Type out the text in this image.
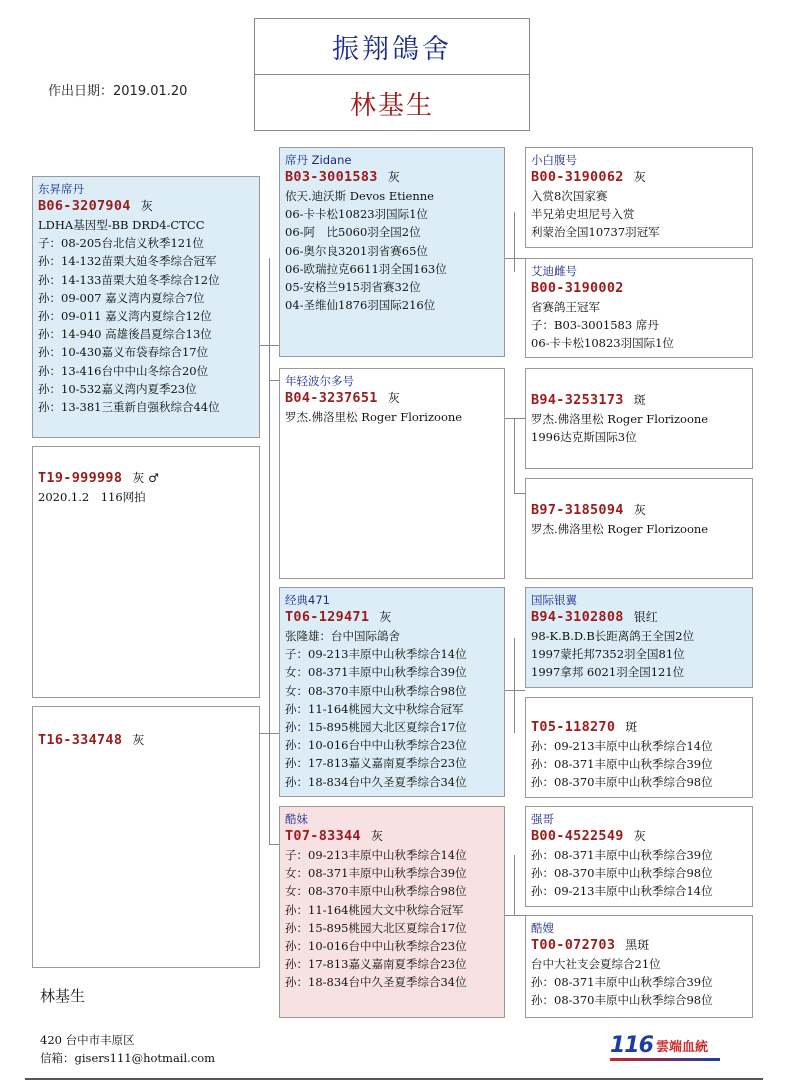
振翔鴿舍
林基生
作出日期：2019.01.20
T19-999998 灰 ♂
2020.1.2　116网拍
东昇席丹
B06-3207904 灰
LDHA基因型-BB DRD4-CTCC
子：08-205台北信义秋季121位
孙：14-132苗栗大廹冬季综合冠军
孙：14-133苗栗大廹冬季综合12位
孙：09-007 嘉义湾内夏综合7位
孙：09-011 嘉义湾内夏综合12位
孙：14-940 高雄後昌夏综合13位
孙：10-430嘉义布袋春综合17位
孙：13-416台中中山冬综合20位
孙：10-532嘉义湾内夏季23位
孙：13-381三重新自强秋综合44位
T16-334748 灰
席丹 Zidane
B03-3001583 灰
依天.迪沃斯 Devos Etienne
06-卡卡松10823羽国际1位
06-阿　比5060羽全国2位
06-奥尔良3201羽省赛65位
06-欧瑞拉克6611羽全国163位
05-安格兰915羽省赛32位
04-圣维仙1876羽国际216位
年轻波尔多号
B04-3237651 灰
罗杰.佛洛里松 Roger Florizoone
经典471
T06-129471 灰
张隆雄：台中国际鴿舍
子：09-213丰原中山秋季综合14位
女：08-371丰原中山秋季综合39位
女：08-370丰原中山秋季综合98位
孙：11-164桃园大文中秋综合冠军
孙：15-895桃园大北区夏综合17位
孙：10-016台中中山秋季综合23位
孙：17-813嘉义嘉南夏季综合23位
孙：18-834台中久圣夏季综合34位
酷妹
T07-83344 灰
子：09-213丰原中山秋季综合14位
女：08-371丰原中山秋季综合39位
女：08-370丰原中山秋季综合98位
孙：11-164桃园大文中秋综合冠军
孙：15-895桃园大北区夏综合17位
孙：10-016台中中山秋季综合23位
孙：17-813嘉义嘉南夏季综合23位
孙：18-834台中久圣夏季综合34位
小白腹号
B00-3190062 灰
入赏8次国家赛
半兄弟史坦尼号入赏
利蒙治全国10737羽冠军
艾迪雌号
B00-3190002
省赛鸽王冠军
子：B03-3001583 席丹
06-卡卡松10823羽国际1位
B94-3253173 斑
罗杰.佛洛里松 Roger Florizoone
1996达克斯国际3位
B97-3185094 灰
罗杰.佛洛里松 Roger Florizoone
国际银翼
B94-3102808 银红
98-K.B.D.B长距离鸽王全国2位
1997蒙托邦7352羽全国81位
1997拿邦 6021羽全国121位
T05-118270 斑
孙：09-213丰原中山秋季综合14位
孙：08-371丰原中山秋季综合39位
孙：08-370丰原中山秋季综合98位
强哥
B00-4522549 灰
孙：08-371丰原中山秋季综合39位
孙：08-370丰原中山秋季综合98位
孙：09-213丰原中山秋季综合14位
酷嫂
T00-072703 黑斑
台中大社支会夏综合21位
孙：08-371丰原中山秋季综合39位
孙：08-370丰原中山秋季综合98位
林基生
420 台中市丰原区
信箱：gisers111@hotmail.com	116 雲端血統
